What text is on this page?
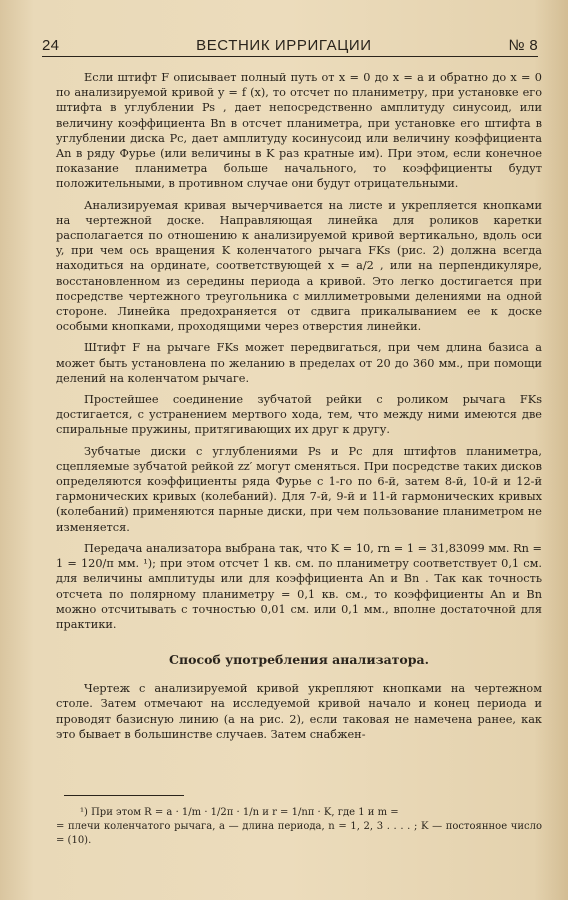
24	ВЕСТНИК ИРРИГАЦИИ	№ 8

Если штифт F описывает полный путь от x = 0 до x = a и обратно до x = 0 по анализируемой кривой y = f (x), то отсчет по планиметру, при установке его штифта в углублении Ps , дает непосредственно амплитуду синусоид, или величину коэффициента Bn в отсчет планиметра, при установке его штифта в углублении диска Pc, дает амплитуду косинусоид или величину коэффициента An в ряду Фурье (или величины в K раз кратные им). При этом, если конечное показание планиметра больше начального, то коэффициенты будут положительными, в противном случае они будут отрицательными.

Анализируемая кривая вычерчивается на листе и укрепляется кнопками на чертежной доске. Направляющая линейка для роликов каретки располагается по отношению к анализируемой кривой вертикально, вдоль оси y, при чем ось вращения K коленчатого рычага FKs (рис. 2) должна всегда находиться на ординате, соответствующей x = a/2 , или на перпендикуляре, восстановленном из середины периода a кривой. Это легко достигается при посредстве чертежного треугольника с миллиметровыми делениями на одной стороне. Линейка предохраняется от сдвига прикалыванием ее к доске особыми кнопками, проходящими через отверстия линейки.

Штифт F на рычаге FKs может передвигаться, при чем длина базиса a может быть установлена по желанию в пределах от 20 до 360 мм., при помощи делений на коленчатом рычаге.

Простейшее соединение зубчатой рейки с роликом рычага FKs достигается, с устранением мертвого хода, тем, что между ними имеются две спиральные пружины, притягивающих их друг к другу.

Зубчатые диски с углублениями Ps и Pc для штифтов планиметра, сцепляемые зубчатой рейкой zz′ могут сменяться. При посредстве таких дисков определяются коэффициенты ряда Фурье с 1-го по 6-й, затем 8-й, 10-й и 12-й гармонических кривых (колебаний). Для 7-й, 9-й и 11-й гармонических кривых (колебаний) применяются парные диски, при чем пользование планиметром не изменяется.

Передача анализатора выбрана так, что K = 10, rn = 1 = 31,83099 мм. Rn = 1 = 120/π мм. ¹); при этом отсчет 1 кв. см. по планиметру соответствует 0,1 см. для величины амплитуды или для коэффициента An и Bn . Так как точность отсчета по полярному планиметру = 0,1 кв. см., то коэффициенты An и Bn можно отсчитывать с точностью 0,01 см. или 0,1 мм., вполне достаточной для практики.

Способ употребления анализатора.

Чертеж с анализируемой кривой укрепляют кнопками на чертежном столе. Затем отмечают на исследуемой кривой начало и конец периода и проводят базисную линию (a на рис. 2), если таковая не намечена ранее, как это бывает в большинстве случаев. Затем снабжен-

¹) При этом R = a · 1/m · 1/2π · 1/n и r = 1/nπ · K, где 1 и m =
= плечи коленчатого рычага, a — длина периода, n = 1, 2, 3 . . . . ; K — постоянное число = (10).
